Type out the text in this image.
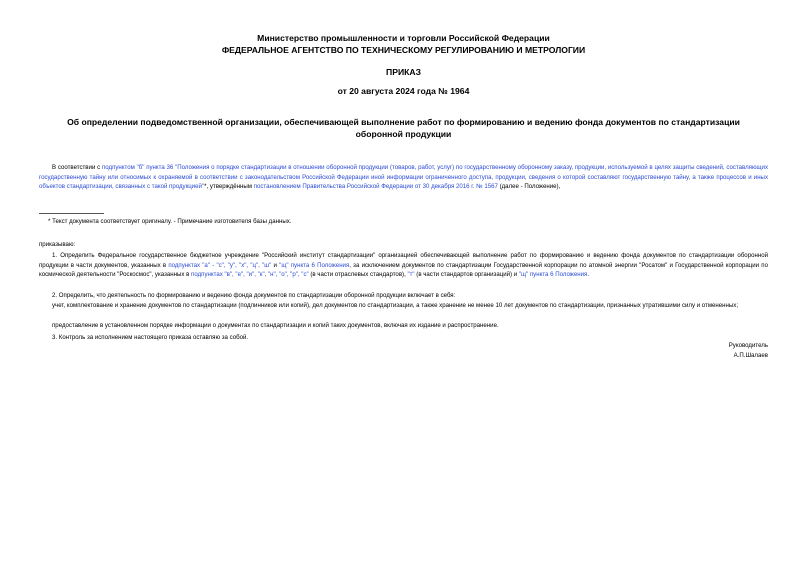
Министерство промышленности и торговли Российской Федерации
ФЕДЕРАЛЬНОЕ АГЕНТСТВО ПО ТЕХНИЧЕСКОМУ РЕГУЛИРОВАНИЮ И МЕТРОЛОГИИ
ПРИКАЗ
от 20 августа 2024 года № 1964
Об определении подведомственной организации, обеспечивающей выполнение работ по формированию и ведению фонда документов по стандартизации оборонной продукции
В соответствии с подпунктом "б" пункта 36 "Положения о порядке стандартизации в отношении оборонной продукции (товаров, работ, услуг) по государственному оборонному заказу, продукции, используемой в целях защиты сведений, составляющих государственную тайну или относимых к охраняемой в соответствии с законодательством Российской Федерации иной информации ограниченного доступа, продукции, сведения о которой составляют государственную тайну, а также процессов и иных объектов стандартизации, связанных с такой продукцией"*, утверждённым постановлением Правительства Российской Федерации от 30 декабря 2016 г. № 1567 (далее - Положение),
* Текст документа соответствует оригиналу. - Примечание изготовителя базы данных.
приказываю:
1. Определить Федеральное государственное бюджетное учреждение "Российский институт стандартизации" организацией обеспечивающей выполнение работ по формированию и ведению фонда документов по стандартизации оборонной продукции в части документов, указанных в подпунктах "а" - "с", "у", "х", "ц", "ш" и "щ" пункта 6 Положения, за исключением документов по стандартизации Государственной корпорации по атомной энергии "Росатом" и Государственной корпорации по космической деятельности "Роскосмос", указанных в подпунктах "в", "е", "и", "к", "н", "о", "р", "с" (в части отраслевых стандартов), "т" (в части стандартов организаций) и "щ" пункта 6 Положения.
2. Определить, что деятельность по формированию и ведению фонда документов по стандартизации оборонной продукции включает в себя:
учет, комплектование и хранение документов по стандартизации (подлинников или копий), дел документов по стандартизации, а также хранение не менее 10 лет документов по стандартизации, признанных утратившими силу и отмененных;
предоставление в установленном порядке информации о документах по стандартизации и копий таких документов, включая их издание и распространение.
3. Контроль за исполнением настоящего приказа оставляю за собой.
Руководитель
А.П.Шалаев
